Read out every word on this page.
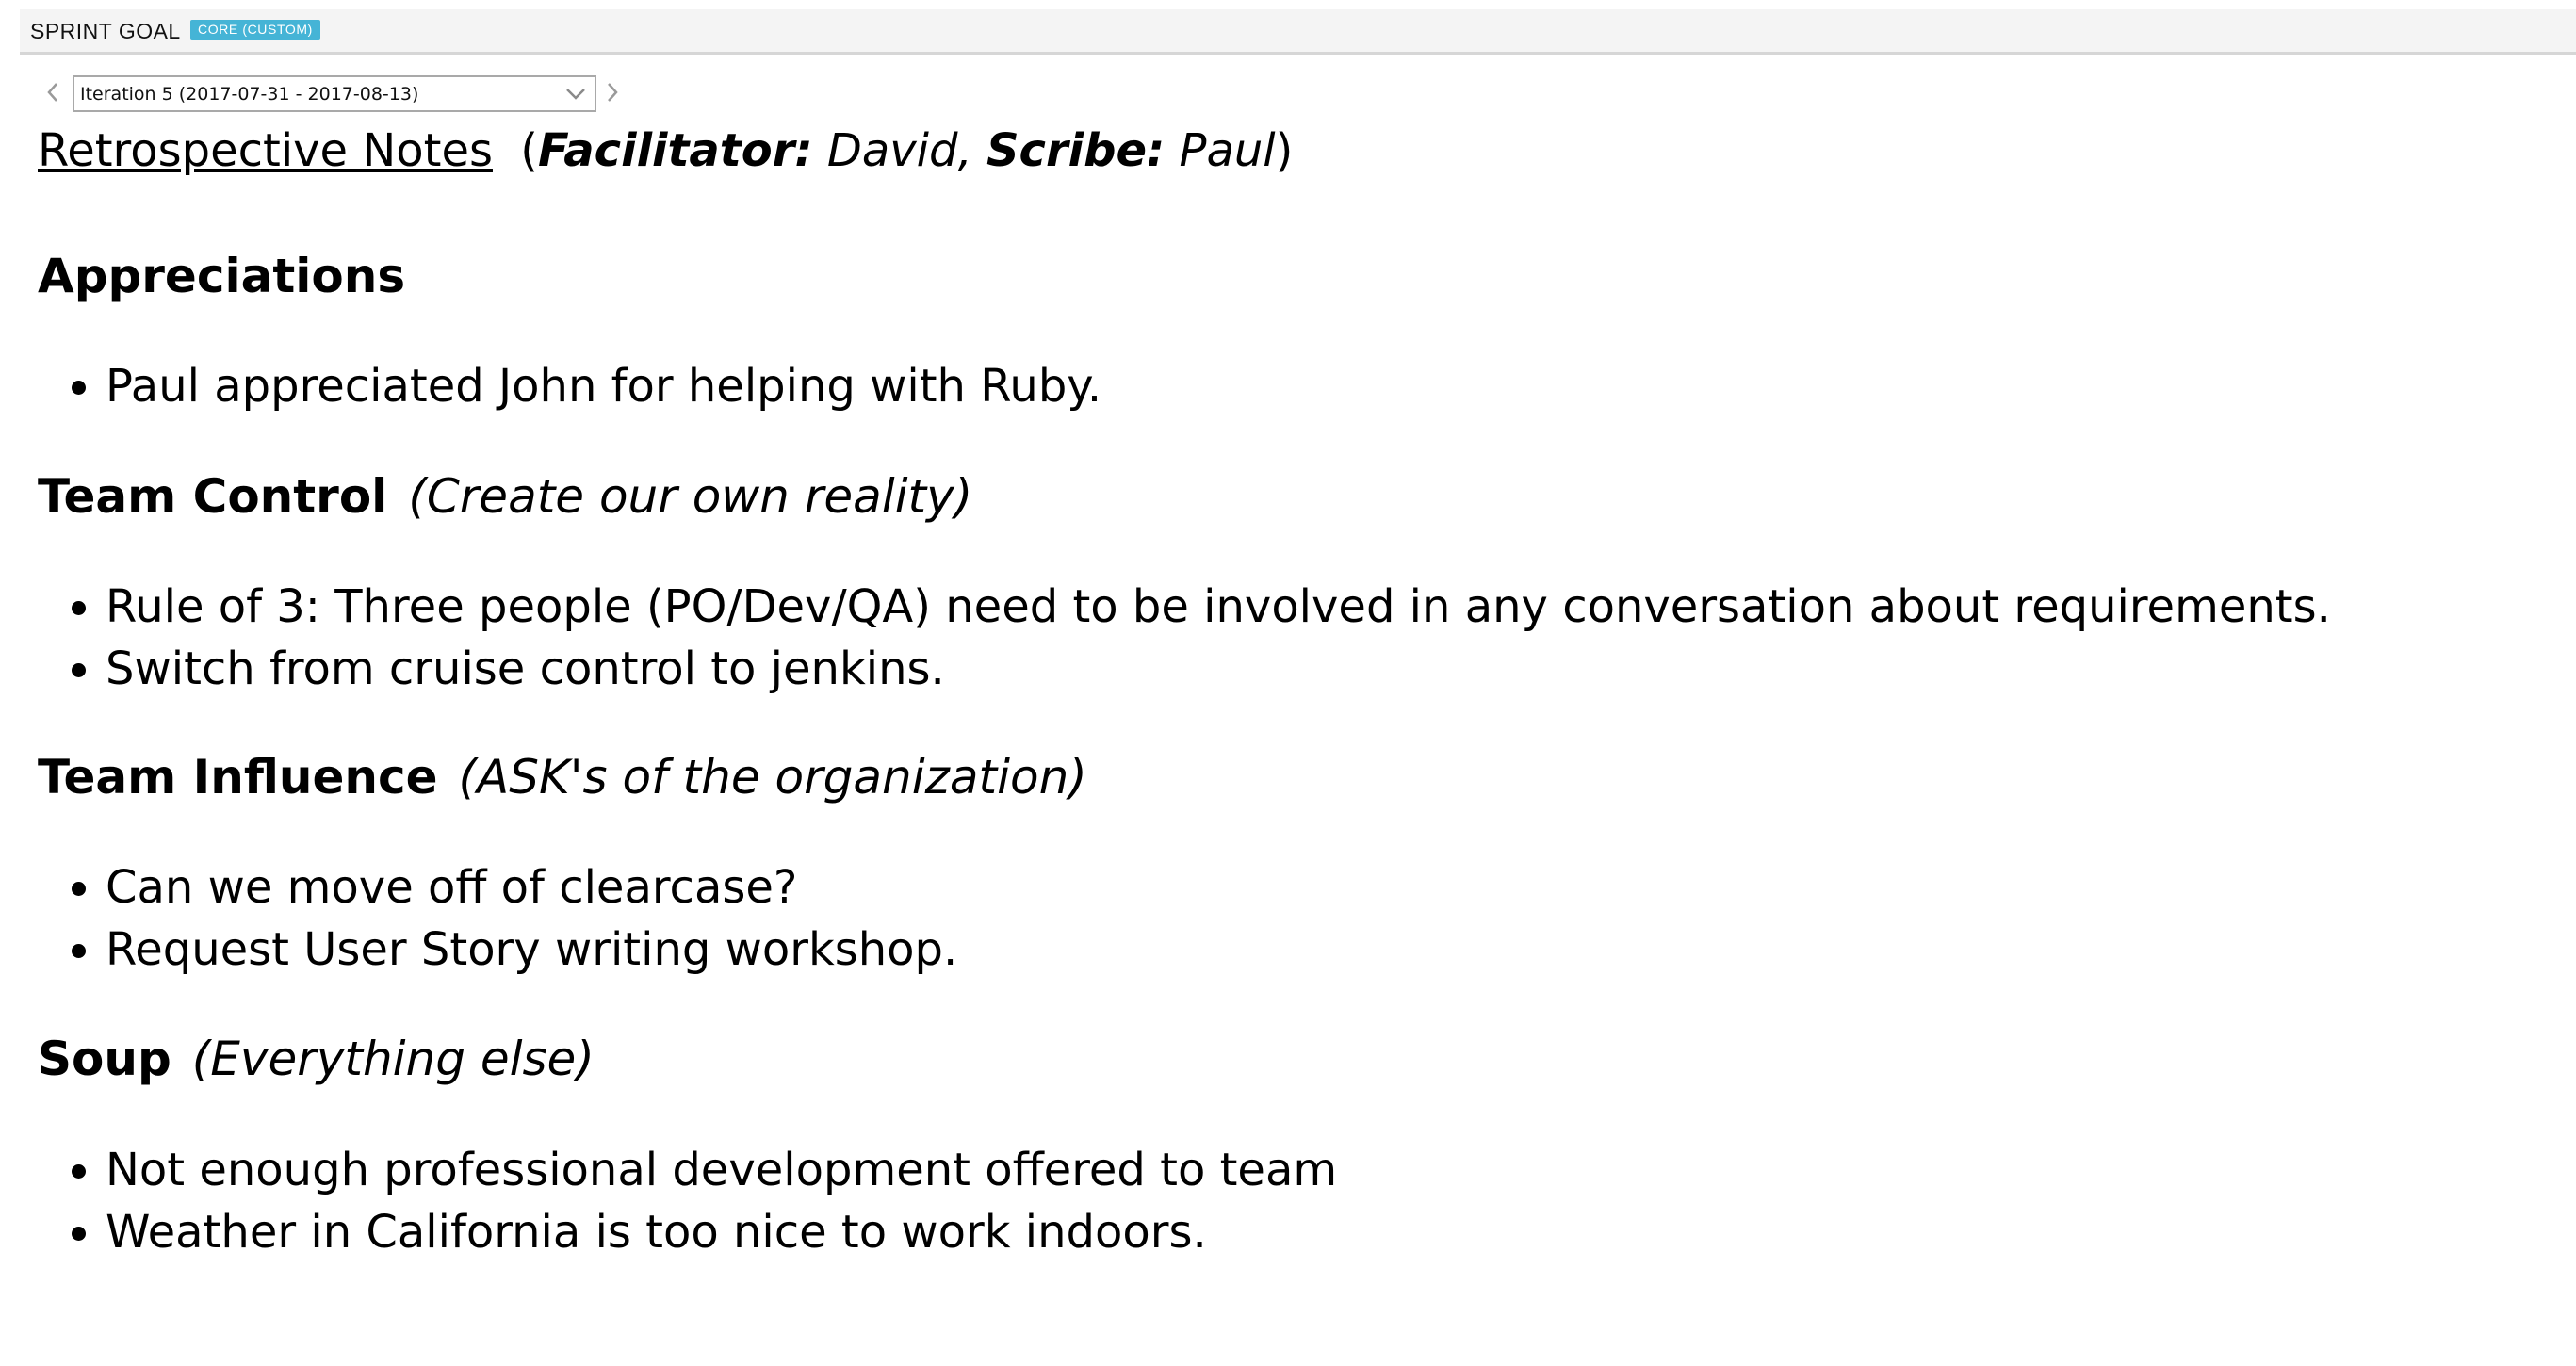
SPRINT GOAL	CORE (CUSTOM)
Iteration 5 (2017-07-31 - 2017-08-13)
Retrospective Notes (Facilitator: David, Scribe: Paul)
Appreciations
• Paul appreciated John for helping with Ruby.
Team Control (Create our own reality)
• Rule of 3: Three people (PO/Dev/QA) need to be involved in any conversation about requirements.
• Switch from cruise control to jenkins.
Team Influence (ASK's of the organization)
• Can we move off of clearcase?
• Request User Story writing workshop.
Soup (Everything else)
• Not enough professional development offered to team
• Weather in California is too nice to work indoors.
